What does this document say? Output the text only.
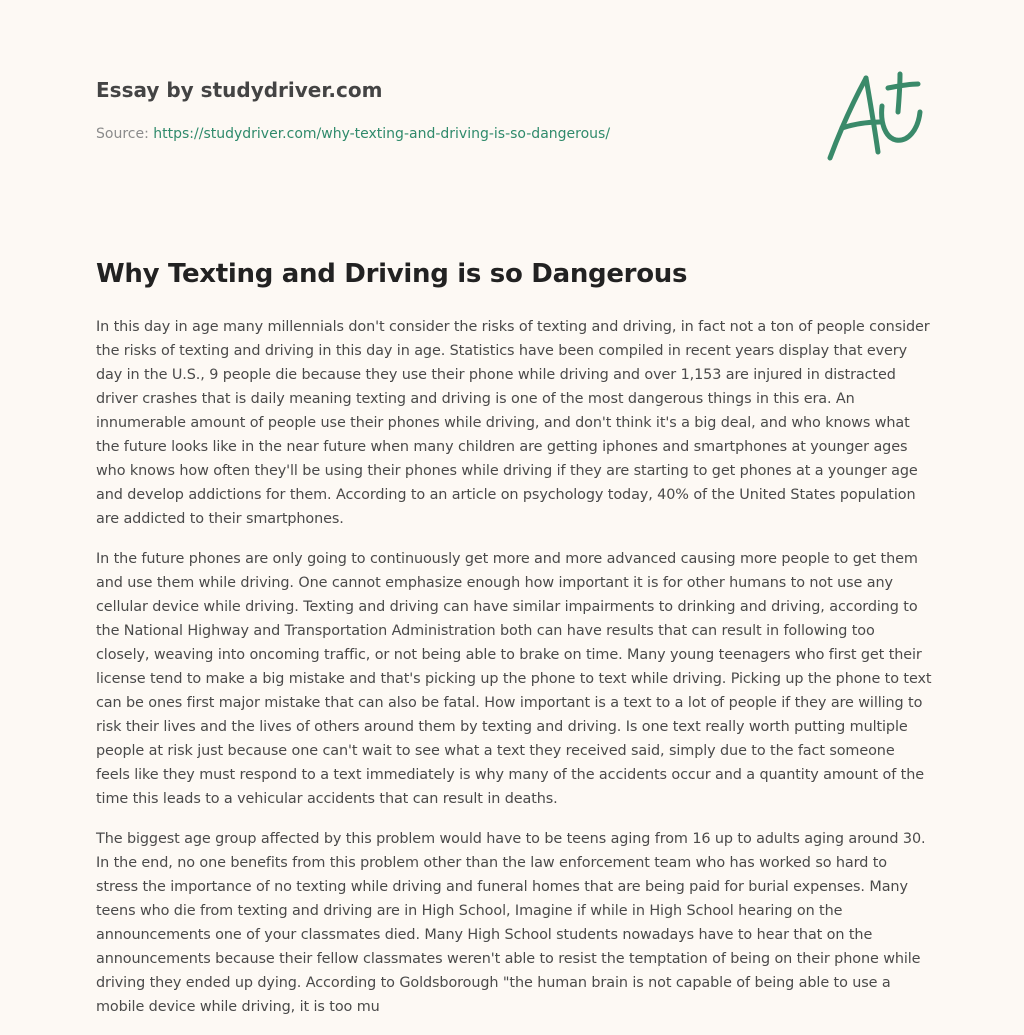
Essay by studydriver.com
Source: https://studydriver.com/why-texting-and-driving-is-so-dangerous/
Why Texting and Driving is so Dangerous

In this day in age many millennials don't consider the risks of texting and driving, in fact not a ton of people consider the risks of texting and driving in this day in age. Statistics have been compiled in recent years display that every day in the U.S., 9 people die because they use their phone while driving and over 1,153 are injured in distracted driver crashes that is daily meaning texting and driving is one of the most dangerous things in this era. An innumerable amount of people use their phones while driving, and don't think it's a big deal, and who knows what the future looks like in the near future when many children are getting iphones and smartphones at younger ages who knows how often they'll be using their phones while driving if they are starting to get phones at a younger age and develop addictions for them. According to an article on psychology today, 40% of the United States population are addicted to their smartphones.

In the future phones are only going to continuously get more and more advanced causing more people to get them and use them while driving. One cannot emphasize enough how important it is for other humans to not use any cellular device while driving. Texting and driving can have similar impairments to drinking and driving, according to the National Highway and Transportation Administration both can have results that can result in following too closely, weaving into oncoming traffic, or not being able to brake on time. Many young teenagers who first get their license tend to make a big mistake and that's picking up the phone to text while driving. Picking up the phone to text can be ones first major mistake that can also be fatal. How important is a text to a lot of people if they are willing to risk their lives and the lives of others around them by texting and driving. Is one text really worth putting multiple people at risk just because one can't wait to see what a text they received said, simply due to the fact someone feels like they must respond to a text immediately is why many of the accidents occur and a quantity amount of the time this leads to a vehicular accidents that can result in deaths.

The biggest age group affected by this problem would have to be teens aging from 16 up to adults aging around 30. In the end, no one benefits from this problem other than the law enforcement team who has worked so hard to stress the importance of no texting while driving and funeral homes that are being paid for burial expenses. Many teens who die from texting and driving are in High School, Imagine if while in High School hearing on the announcements one of your classmates died. Many High School students nowadays have to hear that on the announcements because their fellow classmates weren't able to resist the temptation of being on their phone while driving they ended up dying. According to Goldsborough "the human brain is not capable of being able to use a mobile device while driving, it is too mu
